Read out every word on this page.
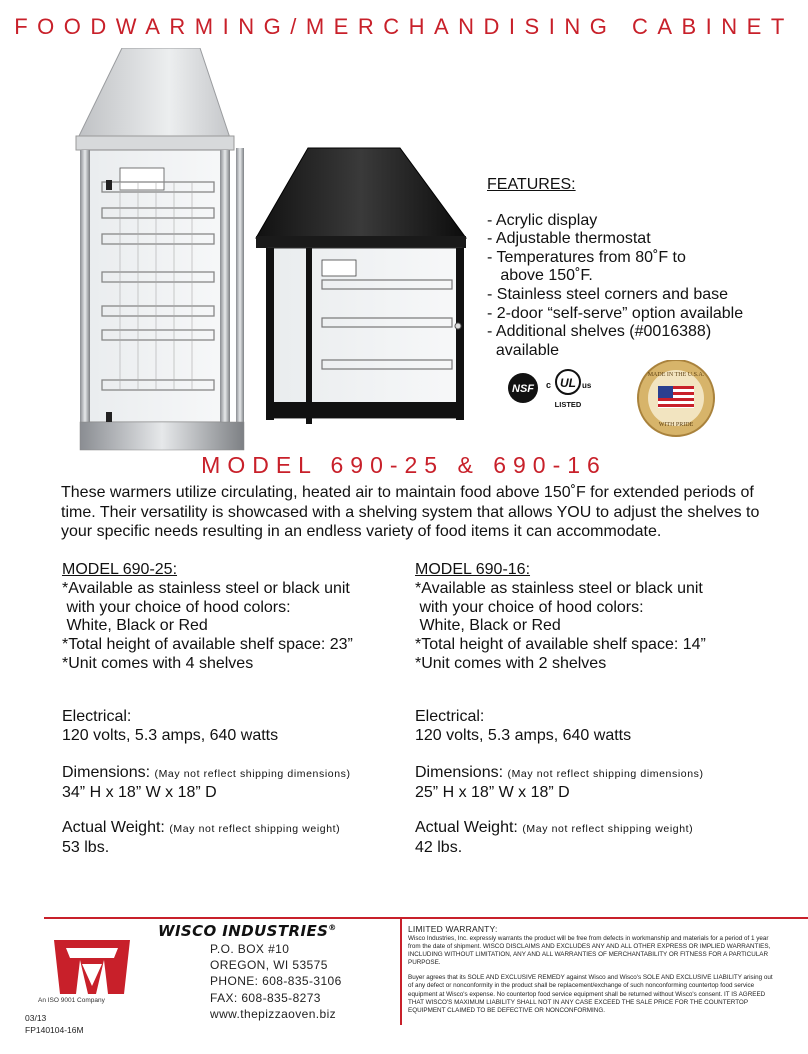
FOODWARMING/MERCHANDISING CABINET
FEATURES:
- Acrylic display
- Adjustable thermostat
- Temperatures from 80˚F to
above 150˚F.
- Stainless steel corners and base
- 2-door “self-serve” option available
- Additional shelves (#0016388)
available
NSF c UL us
LISTED
MADE IN THE U.S.A.
WITH PRIDE
MODEL 690-25 & 690-16
These warmers utilize circulating, heated air to maintain food above 150˚F for extended periods of time. Their versatility is showcased with a shelving system that allows YOU to adjust the shelves to your specific needs resulting in an endless variety of food items it can accommodate.
MODEL 690-25:
*Available as stainless steel or black unit
with your choice of hood colors:
White, Black or Red
*Total height of available shelf space: 23”
*Unit comes with 4 shelves
Electrical:
120 volts, 5.3 amps, 640 watts
Dimensions: (May not reflect shipping dimensions)
34” H x 18” W x 18” D
Actual Weight: (May not reflect shipping weight)
53 lbs.
MODEL 690-16:
*Available as stainless steel or black unit
with your choice of hood colors:
White, Black or Red
*Total height of available shelf space: 14”
*Unit comes with 2 shelves
Electrical:
120 volts, 5.3 amps, 640 watts
Dimensions: (May not reflect shipping dimensions)
25” H x 18” W x 18” D
Actual Weight: (May not reflect shipping weight)
42 lbs.
An ISO 9001 Company
03/13
FP140104-16M
WISCO INDUSTRIES®
P.O. BOX #10
OREGON, WI 53575
PHONE: 608-835-3106
FAX: 608-835-8273
www.thepizzaoven.biz
LIMITED WARRANTY:
Wisco Industries, Inc. expressly warrants the product will be free from defects in workmanship and materials for a period of 1 year from the date of shipment. WISCO DISCLAIMS AND EXCLUDES ANY AND ALL OTHER EXPRESS OR IMPLIED WARRANTIES, INCLUDING WITHOUT LIMITATION, ANY AND ALL WARRANTIES OF MERCHANTABILITY OR FITNESS FOR A PARTICULAR PURPOSE.
Buyer agrees that its SOLE AND EXCLUSIVE REMEDY against Wisco and Wisco's SOLE AND EXCLUSIVE LIABILITY arising out of any defect or nonconformity in the product shall be replacement/exchange of such nonconforming countertop food service equipment at Wisco's expense. No countertop food service equipment shall be returned without Wisco's consent. IT IS AGREED THAT WISCO'S MAXIMUM LIABILITY SHALL NOT IN ANY CASE EXCEED THE SALE PRICE FOR THE COUNTERTOP EQUIPMENT CLAIMED TO BE DEFECTIVE OR NONCONFORMING.
